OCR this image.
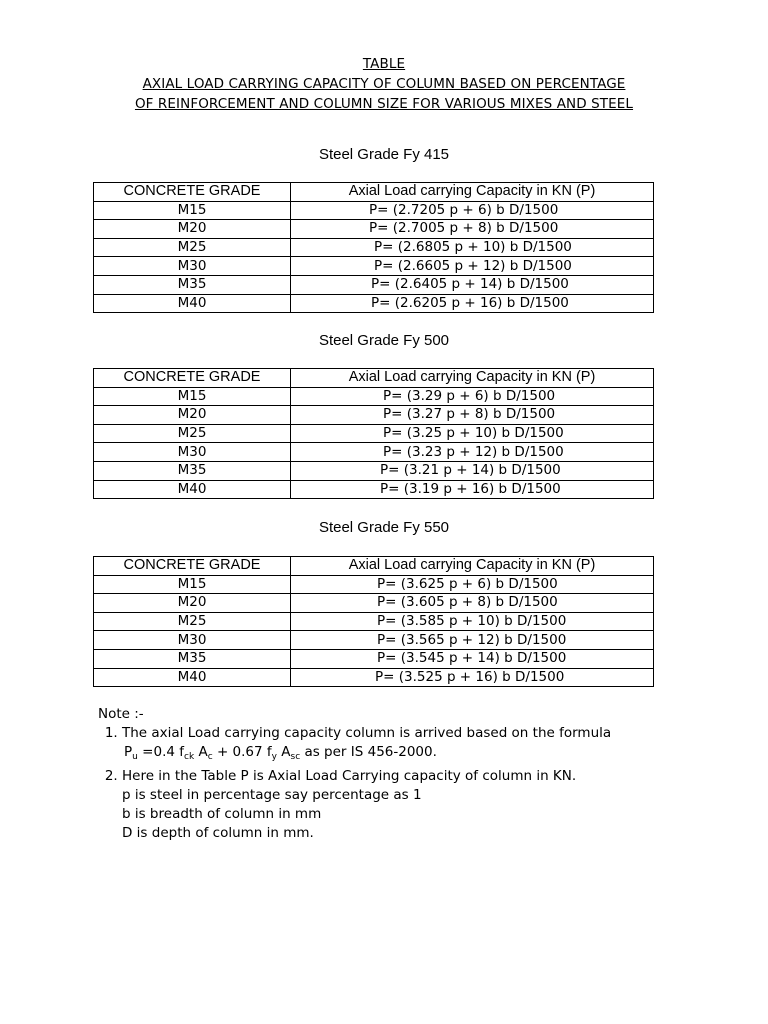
TABLE
AXIAL LOAD CARRYING CAPACITY OF COLUMN BASED ON PERCENTAGE
OF REINFORCEMENT AND COLUMN SIZE FOR VARIOUS MIXES AND STEEL
Steel Grade Fy 415
CONCRETE GRADE	Axial Load carrying Capacity in KN (P)
M15	P= (2.7205 p + 6) b D/1500
M20	P= (2.7005 p + 8) b D/1500
M25	P= (2.6805 p + 10) b D/1500
M30	P= (2.6605 p + 12) b D/1500
M35	P= (2.6405 p + 14) b D/1500
M40	P= (2.6205 p + 16) b D/1500
Steel Grade Fy 500
CONCRETE GRADE	Axial Load carrying Capacity in KN (P)
M15	P= (3.29 p + 6) b D/1500
M20	P= (3.27 p + 8) b D/1500
M25	P= (3.25 p + 10) b D/1500
M30	P= (3.23 p + 12) b D/1500
M35	P= (3.21 p + 14) b D/1500
M40	P= (3.19 p + 16) b D/1500
Steel Grade Fy 550
CONCRETE GRADE	Axial Load carrying Capacity in KN (P)
M15	P= (3.625 p + 6) b D/1500
M20	P= (3.605 p + 8) b D/1500
M25	P= (3.585 p + 10) b D/1500
M30	P= (3.565 p + 12) b D/1500
M35	P= (3.545 p + 14) b D/1500
M40	P= (3.525 p + 16) b D/1500
Note :-
1. The axial Load carrying capacity column is arrived based on the formula
$P_u =0.4$ $f_{ck}$ $A_c + 0.67$ $f_y$ $A_{sc}$ as per IS 456-2000.
2. Here in the Table P is Axial Load Carrying capacity of column in KN.
p is steel in percentage say percentage as 1
b is breadth of column in mm
D is depth of column in mm.
